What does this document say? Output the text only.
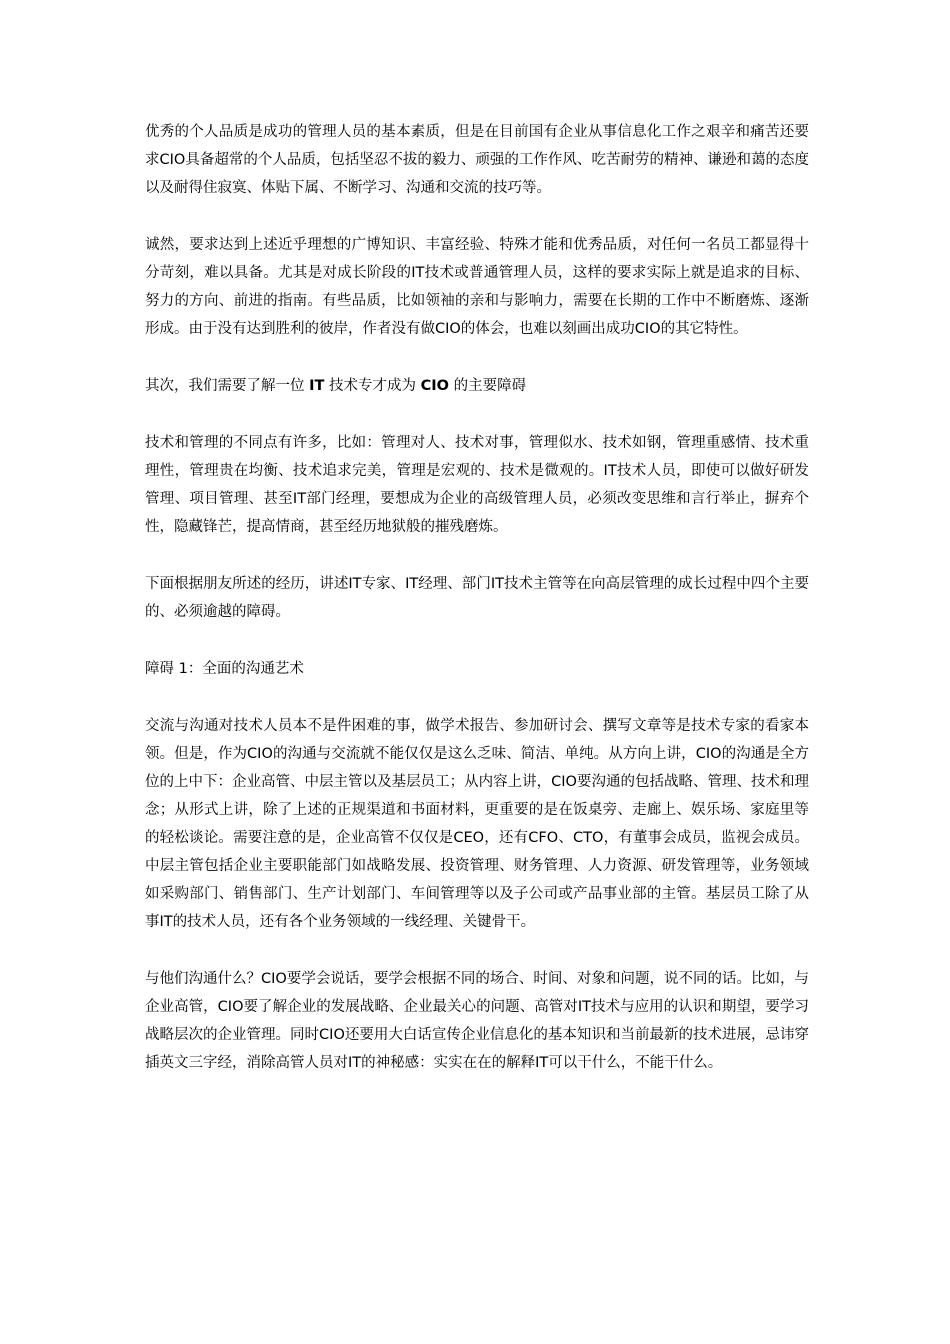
优秀的个人品质是成功的管理人员的基本素质，但是在目前国有企业从事信息化工作之艰辛和痛苦还要求CIO具备超常的个人品质，包括坚忍不拔的毅力、顽强的工作作风、吃苦耐劳的精神、谦逊和蔼的态度以及耐得住寂寞、体贴下属、不断学习、沟通和交流的技巧等。

诚然，要求达到上述近乎理想的广博知识、丰富经验、特殊才能和优秀品质，对任何一名员工都显得十分苛刻，难以具备。尤其是对成长阶段的IT技术或普通管理人员，这样的要求实际上就是追求的目标、努力的方向、前进的指南。有些品质，比如领袖的亲和与影响力，需要在长期的工作中不断磨炼、逐渐形成。由于没有达到胜利的彼岸，作者没有做CIO的体会，也难以刻画出成功CIO的其它特性。

其次，我们需要了解一位 IT 技术专才成为 CIO 的主要障碍

技术和管理的不同点有许多，比如：管理对人、技术对事，管理似水、技术如钢，管理重感情、技术重理性，管理贵在均衡、技术追求完美，管理是宏观的、技术是微观的。IT技术人员，即使可以做好研发管理、项目管理、甚至IT部门经理，要想成为企业的高级管理人员，必须改变思维和言行举止，摒弃个性，隐藏锋芒，提高情商，甚至经历地狱般的摧残磨炼。

下面根据朋友所述的经历，讲述IT专家、IT经理、部门IT技术主管等在向高层管理的成长过程中四个主要的、必须逾越的障碍。

障碍 1：全面的沟通艺术

交流与沟通对技术人员本不是件困难的事，做学术报告、参加研讨会、撰写文章等是技术专家的看家本领。但是，作为CIO的沟通与交流就不能仅仅是这么乏味、简洁、单纯。从方向上讲，CIO的沟通是全方位的上中下：企业高管、中层主管以及基层员工；从内容上讲，CIO要沟通的包括战略、管理、技术和理念；从形式上讲，除了上述的正规渠道和书面材料，更重要的是在饭桌旁、走廊上、娱乐场、家庭里等的轻松谈论。需要注意的是，企业高管不仅仅是CEO，还有CFO、CTO，有董事会成员，监视会成员。中层主管包括企业主要职能部门如战略发展、投资管理、财务管理、人力资源、研发管理等，业务领域如采购部门、销售部门、生产计划部门、车间管理等以及子公司或产品事业部的主管。基层员工除了从事IT的技术人员，还有各个业务领域的一线经理、关键骨干。

与他们沟通什么？CIO要学会说话，要学会根据不同的场合、时间、对象和问题，说不同的话。比如，与企业高管，CIO要了解企业的发展战略、企业最关心的问题、高管对IT技术与应用的认识和期望，要学习战略层次的企业管理。同时CIO还要用大白话宣传企业信息化的基本知识和当前最新的技术进展，忌讳穿插英文三字经，消除高管人员对IT的神秘感：实实在在的解释IT可以干什么，不能干什么。
